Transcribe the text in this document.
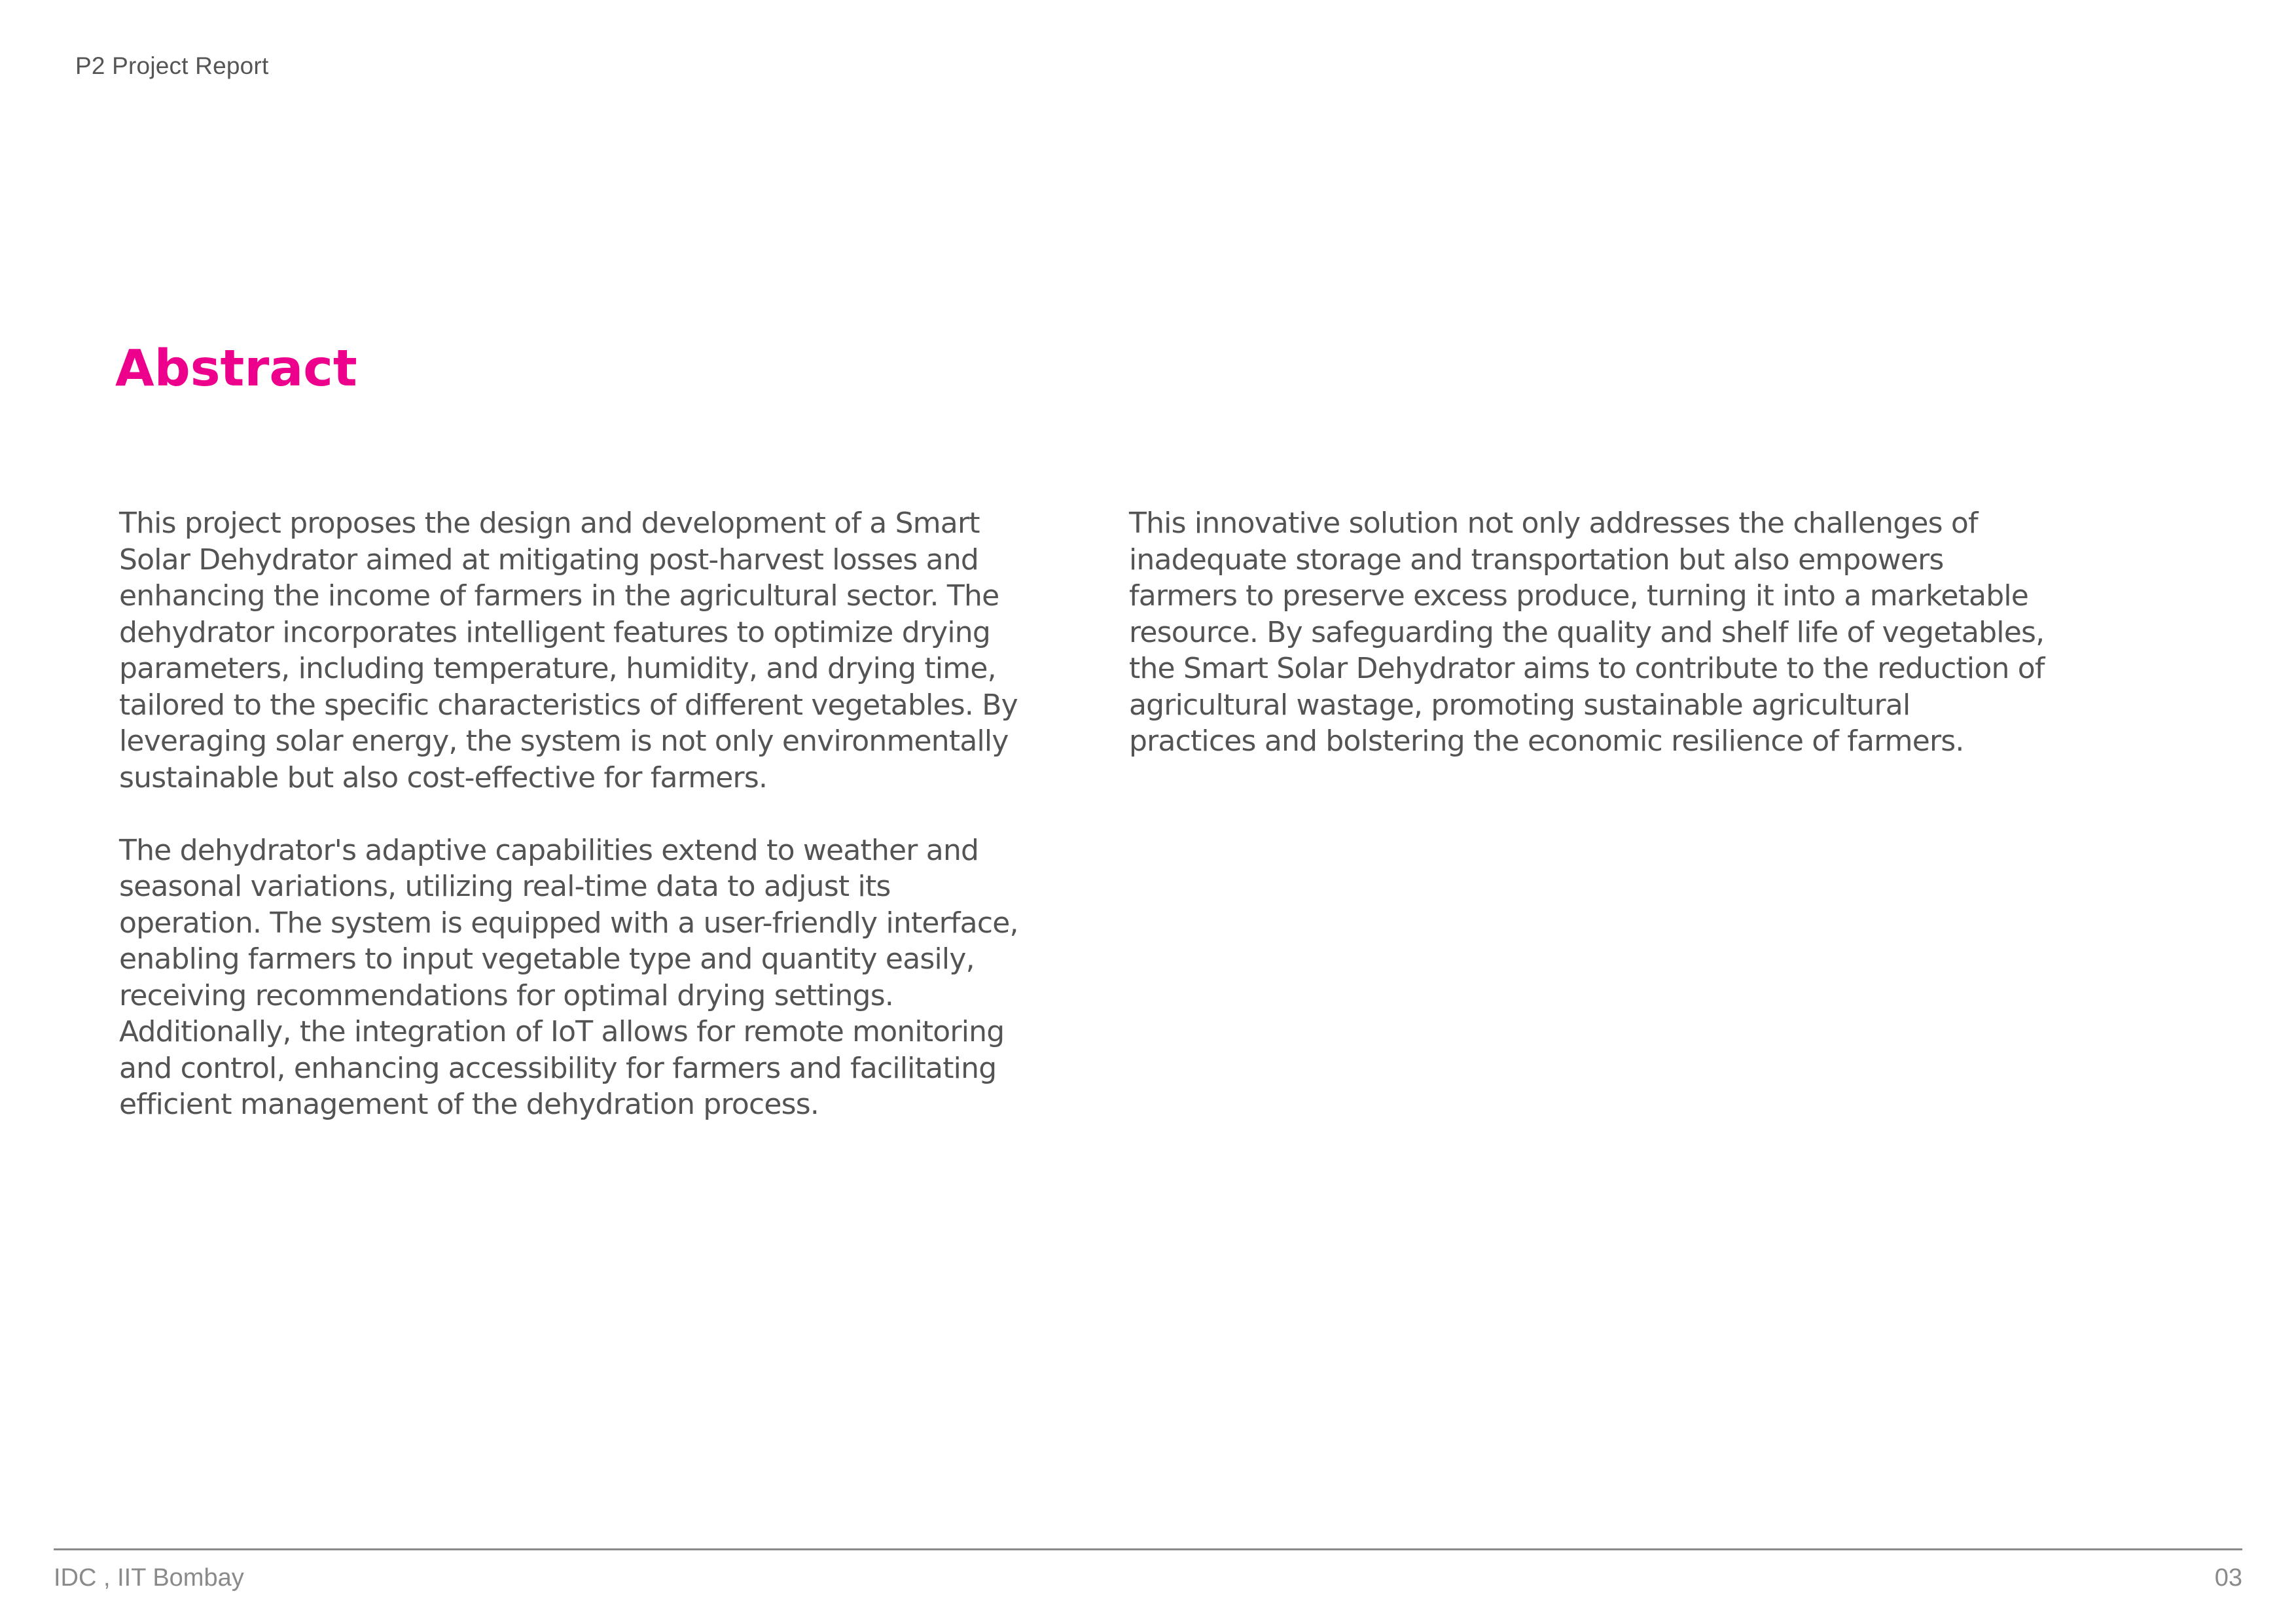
P2 Project Report
Abstract

This project proposes the design and development of a Smart Solar Dehydrator aimed at mitigating post-harvest losses and enhancing the income of farmers in the agricultural sector. The dehydrator incorporates intelligent features to optimize drying parameters, including temperature, humidity, and drying time, tailored to the specific characteristics of different vegetables. By leveraging solar energy, the system is not only environmentally sustainable but also cost-effective for farmers.

The dehydrator's adaptive capabilities extend to weather and seasonal variations, utilizing real-time data to adjust its operation. The system is equipped with a user-friendly interface, enabling farmers to input vegetable type and quantity easily, receiving recommendations for optimal drying settings. Additionally, the integration of IoT allows for remote monitoring and control, enhancing accessibility for farmers and facilitating efficient management of the dehydration process.

This innovative solution not only addresses the challenges of inadequate storage and transportation but also empowers farmers to preserve excess produce, turning it into a marketable resource. By safeguarding the quality and shelf life of vegetables, the Smart Solar Dehydrator aims to contribute to the reduction of agricultural wastage, promoting sustainable agricultural practices and bolstering the economic resilience of farmers.

IDC , IIT Bombay	03
